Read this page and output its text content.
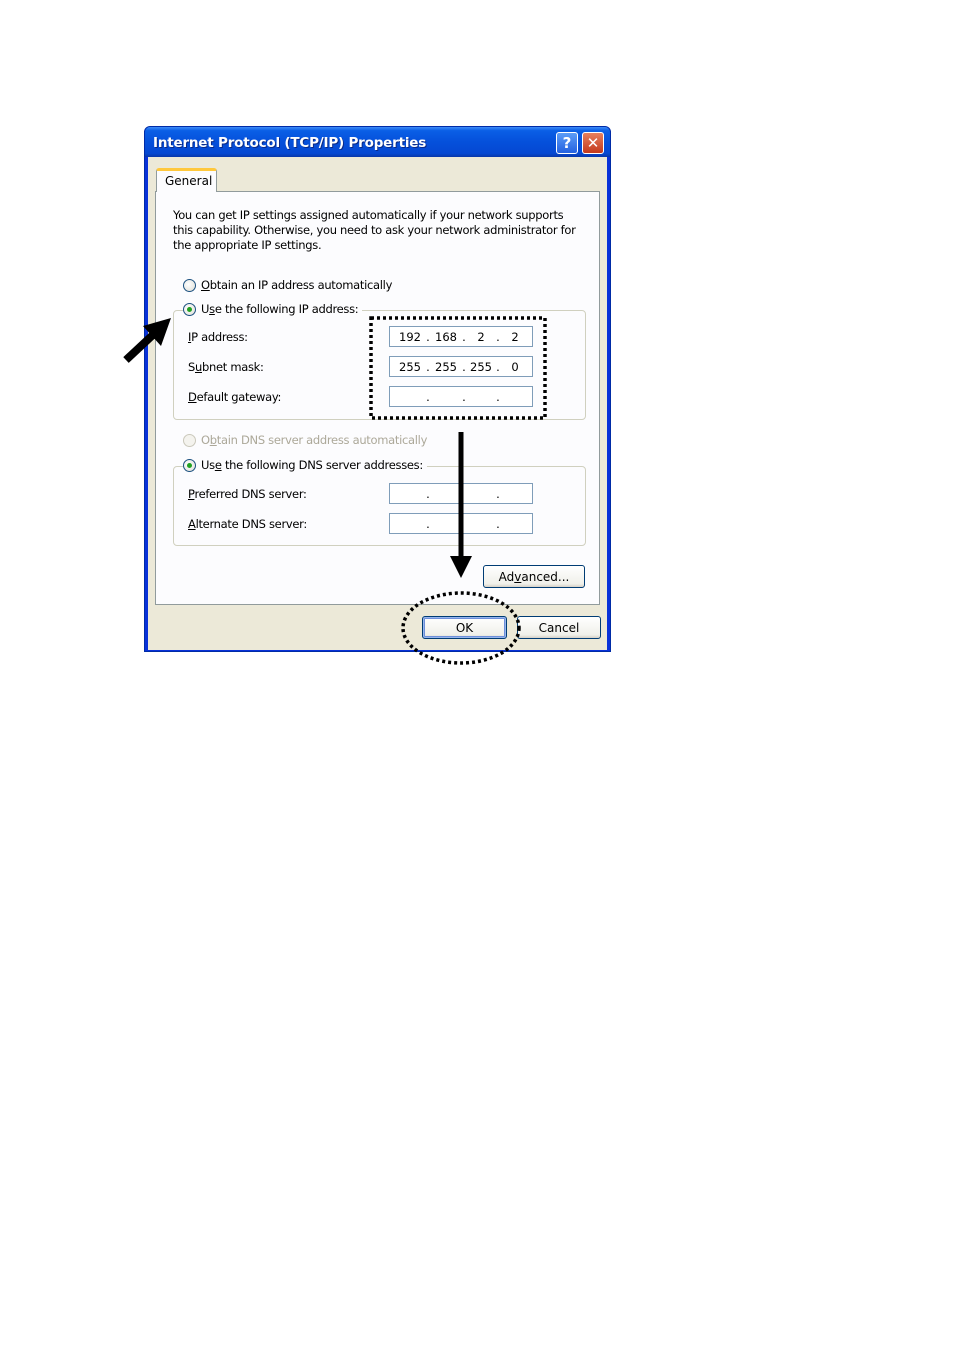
Internet Protocol (TCP/IP) Properties	? ✕
General
You can get IP settings assigned automatically if your network supports this capability. Otherwise, you need to ask your network administrator for the appropriate IP settings.
Obtain an IP address automatically
Use the following IP address:
IP address:	192 . 168 .	2	.	2
Subnet mask:	255 . 255 . 255 .	0
Default gateway:	.	.	.
Obtain DNS server address automatically
Use the following DNS server addresses:
Preferred DNS server:	.	.
Alternate DNS server:	.	.
Advanced...
OK	Cancel
